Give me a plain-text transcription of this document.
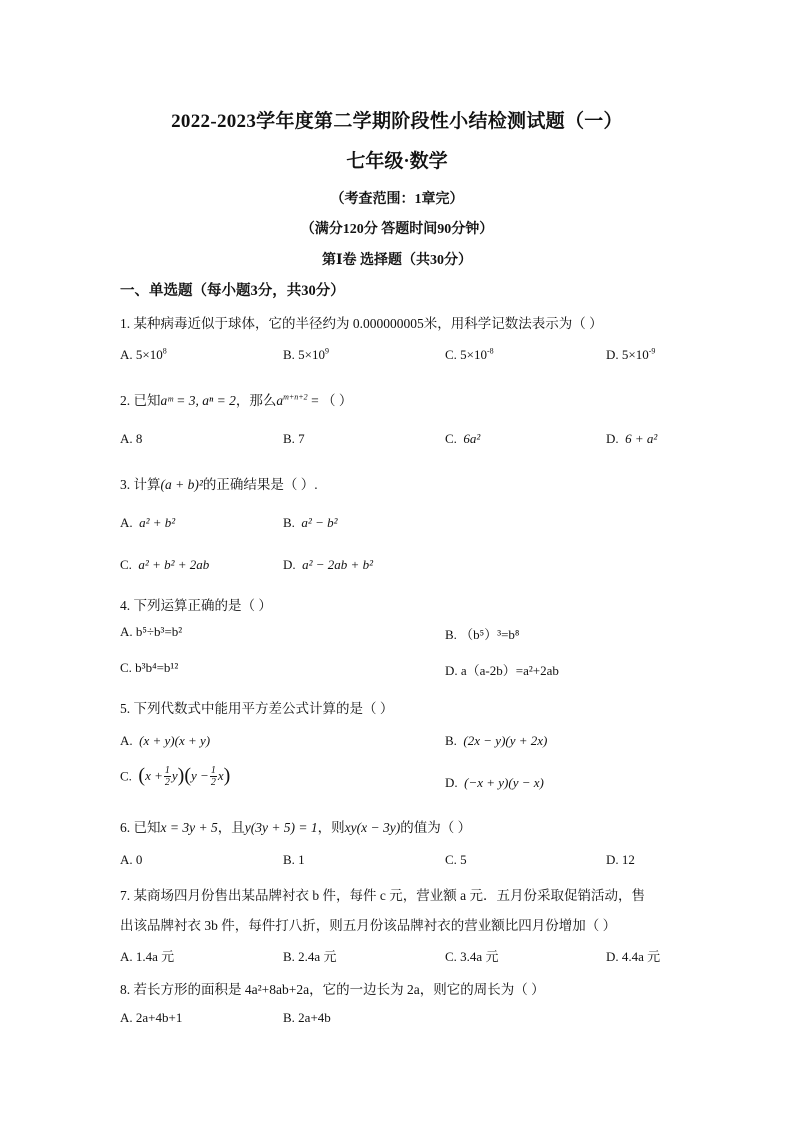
2022-2023学年度第二学期阶段性小结检测试题（一）
七年级·数学
（考查范围：1章完）
（满分120分 答题时间90分钟）
第Ⅰ卷 选择题（共30分）
一、单选题（每小题3分，共30分）
1. 某种病毒近似于球体，它的半径约为 0.000000005米，用科学记数法表示为（ ）
A. $5\times 10^8$	B. $5\times 10^9$	C. $5\times 10^{-8}$	D. $5\times 10^{-9}$
2. 已知aᵐ = 3, aⁿ = 2，那么$a^{m+n+2}$ = （ ）
A. 8	B. 7	C. 6a²	D. 6 + a²
3. 计算(a + b)²的正确结果是（ ）.
A. a² + b²	B. a² − b²
C. a² + b² + 2ab	D. a² − 2ab + b²
4. 下列运算正确的是（ ）
A. b⁵÷b³=b²	B. （b⁵）³=b⁸
C. b³b⁴=b¹²	D. a（a-2b）=a²+2ab
5. 下列代数式中能用平方差公式计算的是（ ）
A. (x + y)(x + y)	B. (2x − y)(y + 2x)
C. $(x + \frac{1}{2} y)(y - \frac{1}{2} x)$	D. (−x + y)(y − x)
6. 已知x = 3y + 5，且y(3y + 5) = 1，则xy(x − 3y)的值为（ ）
A. 0	B. 1	C. 5	D. 12
7. 某商场四月份售出某品牌衬衣 b 件，每件 c 元，营业额 a 元．五月份采取促销活动，售
出该品牌衬衣 3b 件，每件打八折，则五月份该品牌衬衣的营业额比四月份增加（ ）
A. 1.4a 元	B. 2.4a 元	C. 3.4a 元	D. 4.4a 元
8. 若长方形的面积是 4a²+8ab+2a，它的一边长为 2a，则它的周长为（ ）
A. 2a+4b+1	B. 2a+4b
